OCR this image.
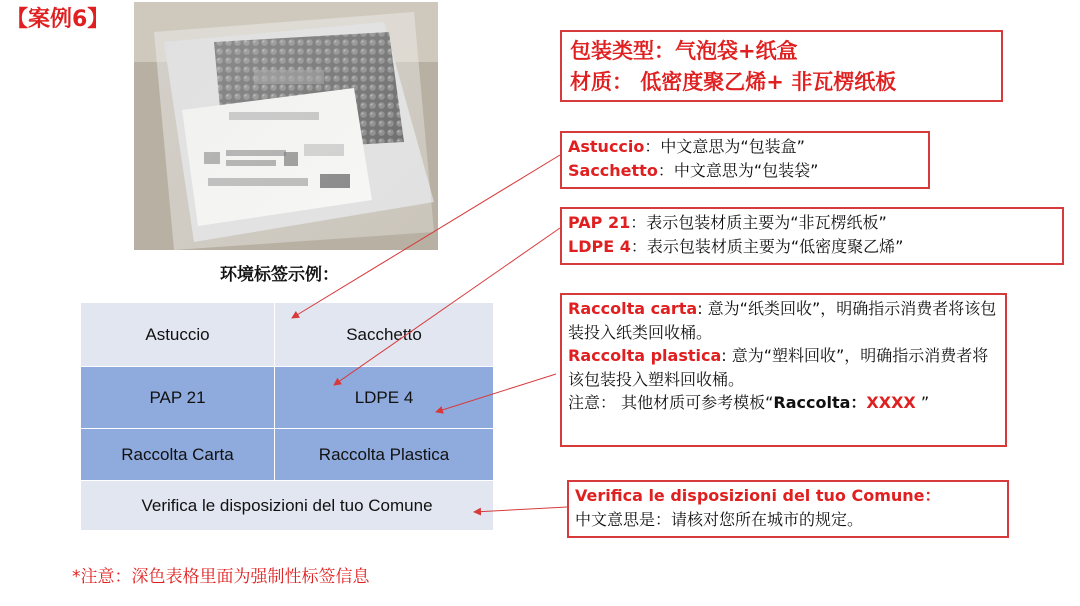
【案例6】
环境标签示例：
Astuccio	Sacchetto
PAP 21	LDPE 4
Raccolta Carta	Raccolta Plastica
Verifica le disposizioni del tuo Comune	
包装类型：气泡袋+纸盒
材质： 低密度聚乙烯+ 非瓦楞纸板
Astuccio：中文意思为“包装盒”
Sacchetto：中文意思为“包装袋”
PAP 21：表示包装材质主要为“非瓦楞纸板”
LDPE 4：表示包装材质主要为“低密度聚乙烯”
Raccolta carta: 意为“纸类回收”，明确指示消费者将该包装投入纸类回收桶。
Raccolta plastica: 意为“塑料回收”，明确指示消费者将该包装投入塑料回收桶。
注意： 其他材质可参考模板“Raccolta：XXXX ”
Verifica le disposizioni del tuo Comune：
中文意思是：请核对您所在城市的规定。
*注意：深色表格里面为强制性标签信息
